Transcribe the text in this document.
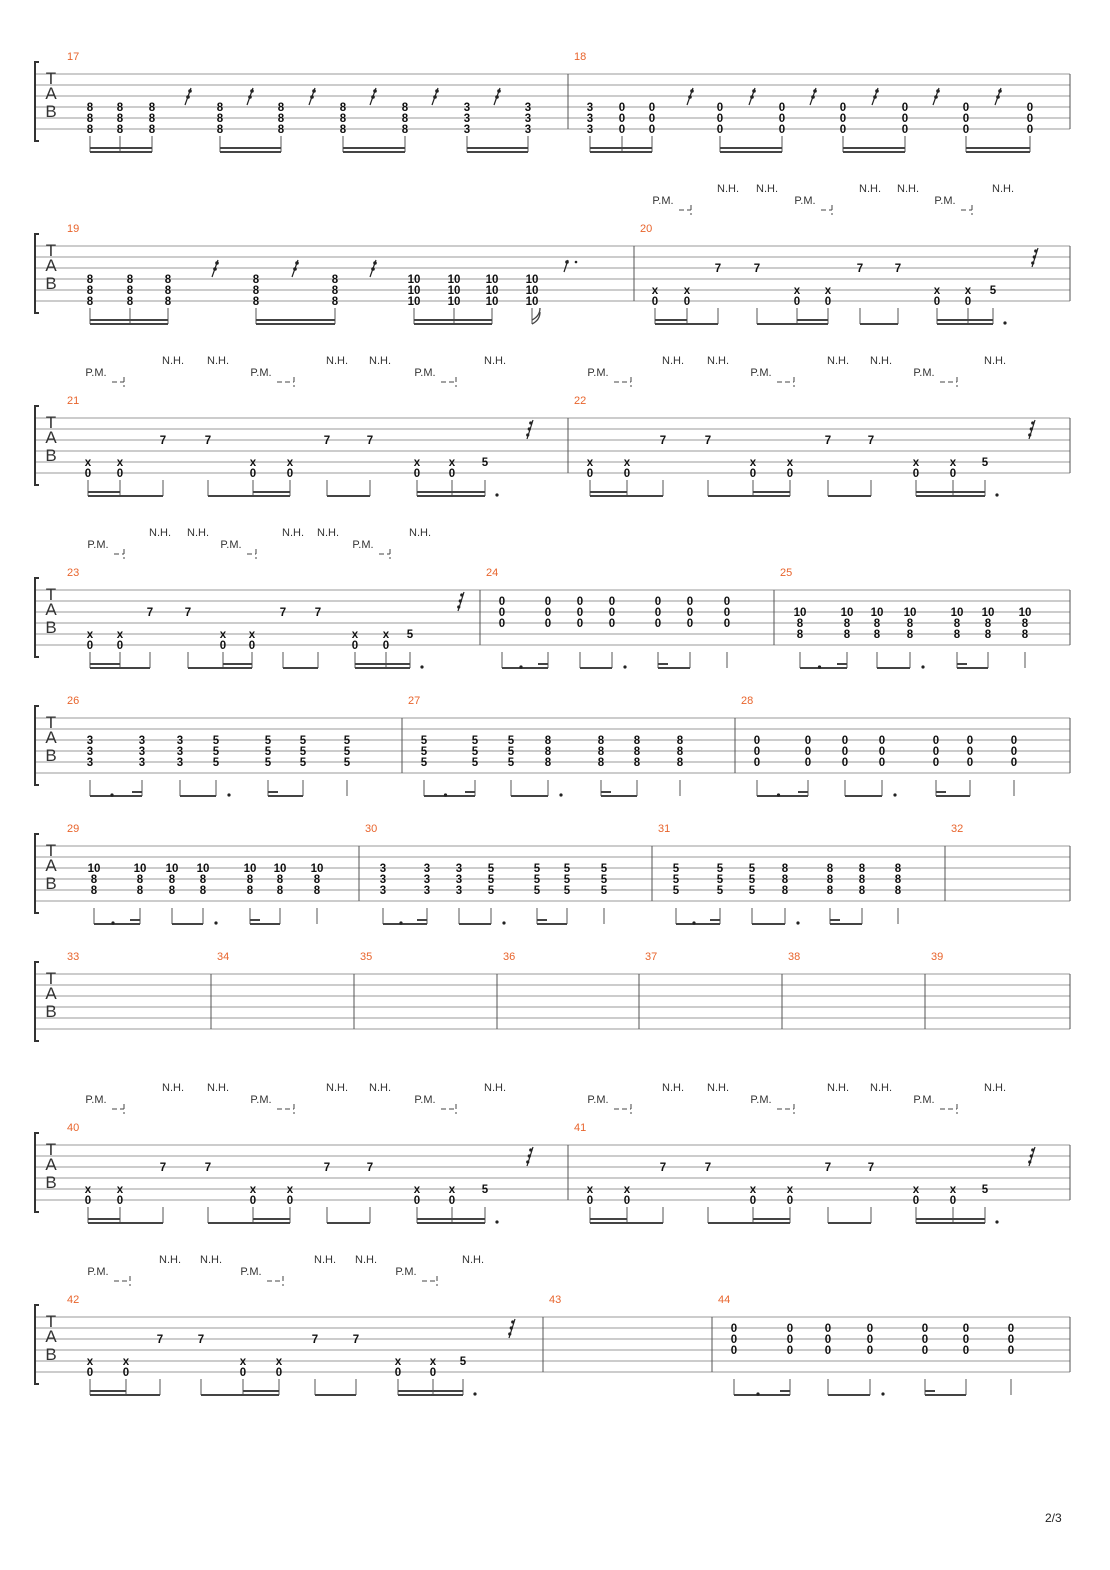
T
A
B
17	18
T
A
B
19	20
T
A
B
21	22
T
A
B
23	24	25
T
A
B
26	27	28
T
A
B
29	30	31	32
T
A
B
33	34	35	36	37	38	39
T
A
B
40	41
T
A
B
42	43	44
8
8
8
8
8
8
8
8
8
8
8
8
8
8
8
8
8
8
8
8
8
3
3
3
3
3
3
3
3
3
0
0
0
0
0
0
0
0
0
0
0
0
0
0
0
0
0
0
0
0
0
0
0
0
8
8
8
8
8
8
8
8
8
8
8
8
8
8
8
10
10
10
10
10
10
10
10
10
10
10
10
x
0
x
0
7	7
x
0
x
0
7	7
x
0
x
0
5
P.M.	P.M.	P.M.
N.H. N.H.	N.H. N.H.	N.H.
x
0
x
0
7	7
x
0
x
0
7	7
x
0
x
0
5
P.M.	P.M.	P.M.
N.H. N.H.	N.H. N.H.	N.H.
x
0
x
0
7	7
x
0
x
0
7	7
x
0
x
0
5
P.M.	P.M.	P.M.
N.H. N.H.	N.H. N.H.	N.H.
x
0
x
0
7	7
x
0
x
0
7 7
x
0
x
0
5
P.M.	P.M.	P.M.
N.H. N.H.	N.H. N.H.	N.H.
x
0
x
0
7	7
x
0
x
0
7	7
x
0
x
0
5
P.M.	P.M.	P.M.
N.H. N.H.	N.H. N.H.	N.H.
x
0
x
0
7	7
x
0
x
0
7	7
x
0
x
0
5
P.M.	P.M.	P.M.
N.H. N.H.	N.H. N.H.	N.H.
x
0
x
0
7	7
x
0
x
0
7	7
x
0
x
0
5
P.M.	P.M.	P.M.
N.H. N.H.	N.H. N.H.	N.H.
0
0
0
0
0
0
0
0
0
0
0
0
0
0
0
0
0
0
0
0
0
10
8
8
10
8
8
10
8
8
10
8
8
10
8
8
10
8
8
10
8
8
3
3
3
3
3
3
3
3
3
5
5
5
5
5
5
5
5
5
5
5
5
5
5
5
5
5
5
5
5
5
8
8
8
8
8
8
8
8
8
8
8
8
0
0
0
0
0
0
0
0
0
0
0
0
0
0
0
0
0
0
0
0
0
10
8
8
10
8
8
10
8
8
10
8
8
10
8
8
10
8
8
10
8
8
3
3
3
3
3
3
3
3
3
5
5
5
5
5
5
5
5
5
5
5
5
5
5
5
5
5
5
5
5
5
8
8
8
8
8
8
8
8
8
8
8
8
0
0
0
0
0
0
0
0
0
0
0
0
0
0
0
0
0
0
0
0
0
2/3
